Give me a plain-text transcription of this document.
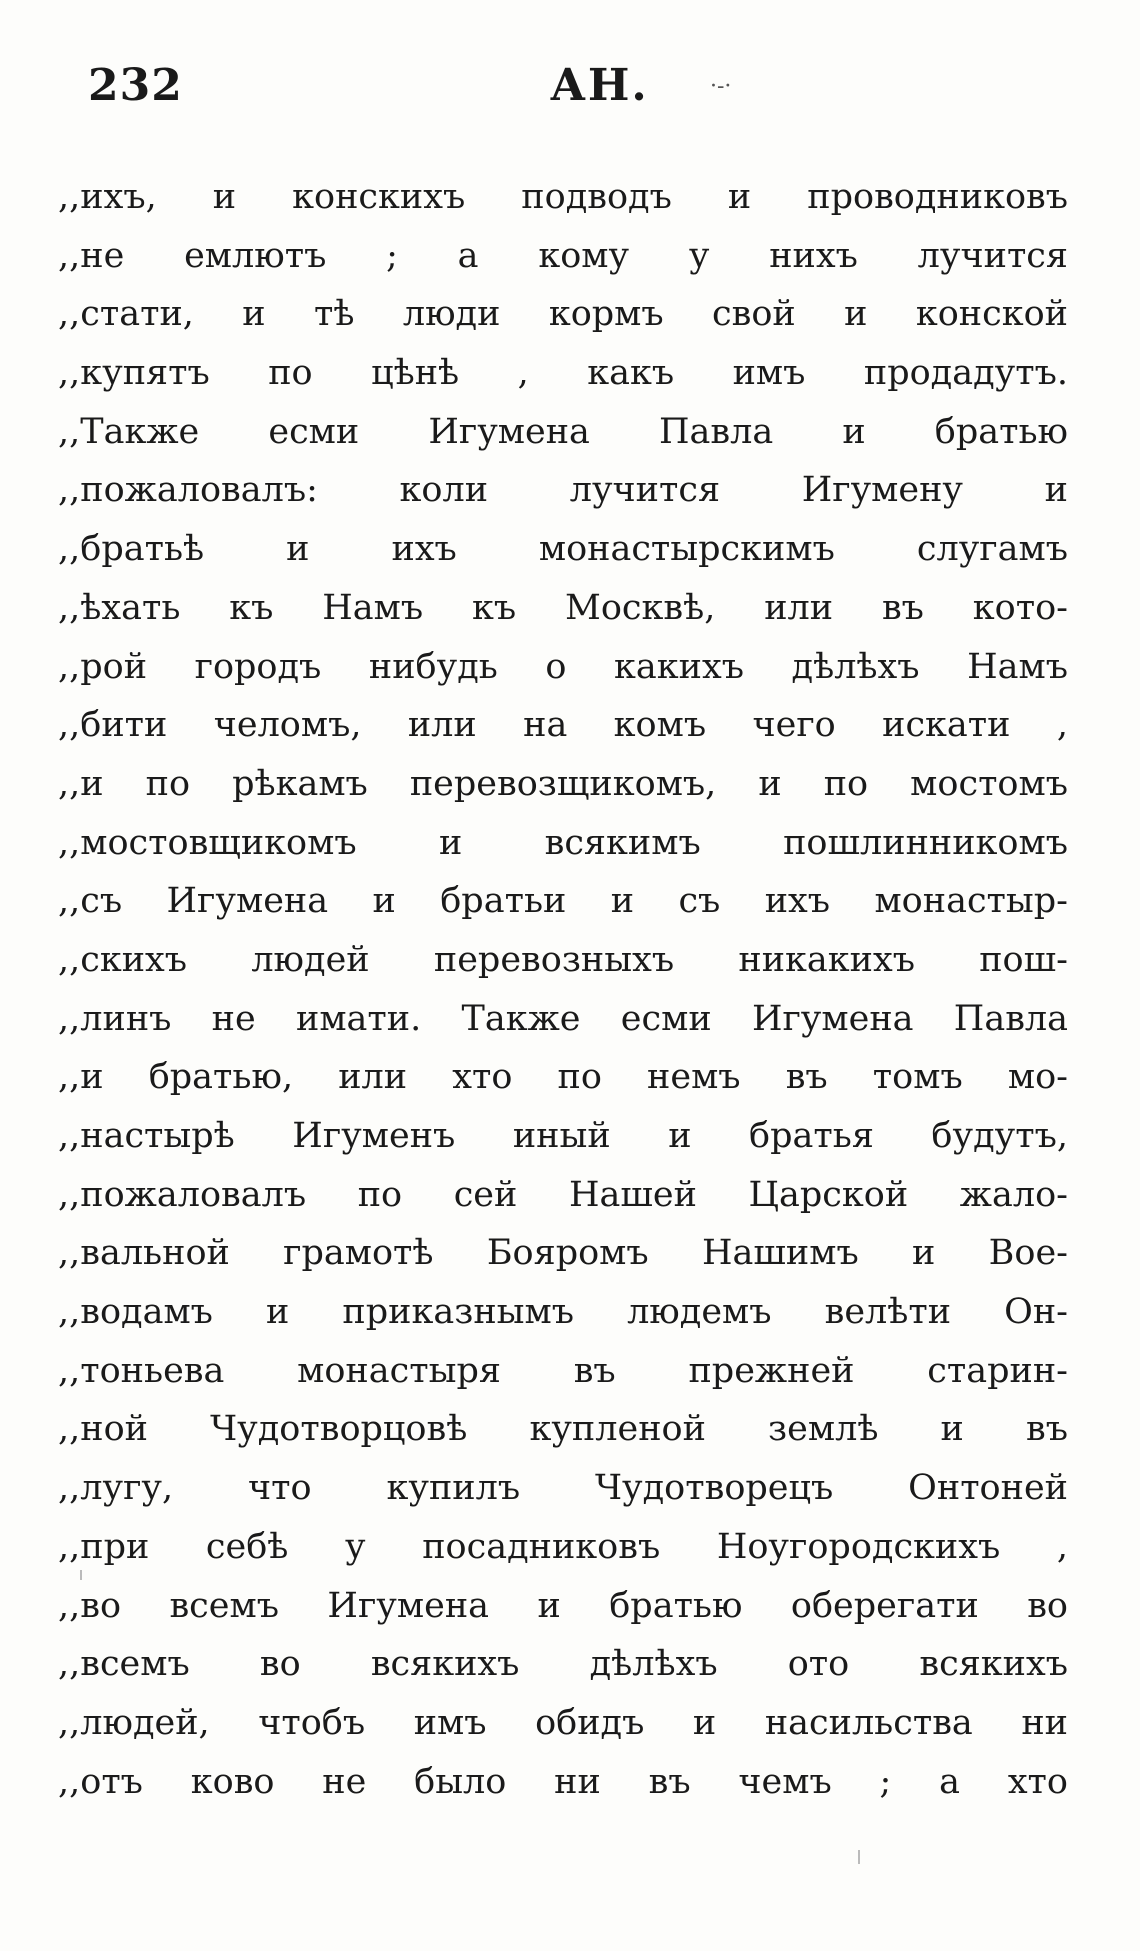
232	АН.	·-·
,,ихъ, и конскихъ подводъ и проводниковъ
,,не емлютъ ; а кому у нихъ лучится
,,стати, и тѣ люди кормъ свой и конской
,,купятъ по цѣнѣ , какъ имъ продадутъ.
,,Также есми Игумена Павла и братью
,,пожаловалъ: коли лучится Игумену и
,,братьѣ и ихъ монастырскимъ слугамъ
,,ѣхать къ Намъ къ Москвѣ, или въ кото-
,,рой городъ нибудь о какихъ дѣлѣхъ Намъ
,,бити челомъ, или на комъ чего искати ,
,,и по рѣкамъ перевозщикомъ, и по мостомъ
,,мостовщикомъ и всякимъ пошлинникомъ
,,съ Игумена и братьи и съ ихъ монастыр-
,,скихъ людей перевозныхъ никакихъ пош-
,,линъ не имати. Также есми Игумена Павла
,,и братью, или хто по немъ въ томъ мо-
,,настырѣ Игуменъ иный и братья будутъ,
,,пожаловалъ по сей Нашей Царской жало-
,,вальной грамотѣ Бояромъ Нашимъ и Вое-
,,водамъ и приказнымъ людемъ велѣти Он-
,,тоньева монастыря въ прежней старин-
,,ной Чудотворцовѣ купленой землѣ и въ
,,лугу, что купилъ Чудотворецъ Онтоней
,,при себѣ у посадниковъ Ноугородскихъ ,
,,во всемъ Игумена и братью оберегати во
,,всемъ во всякихъ дѣлѣхъ ото всякихъ
,,людей, чтобъ имъ обидъ и насильства ни
,,отъ ково не было ни въ чемъ ; а хто
